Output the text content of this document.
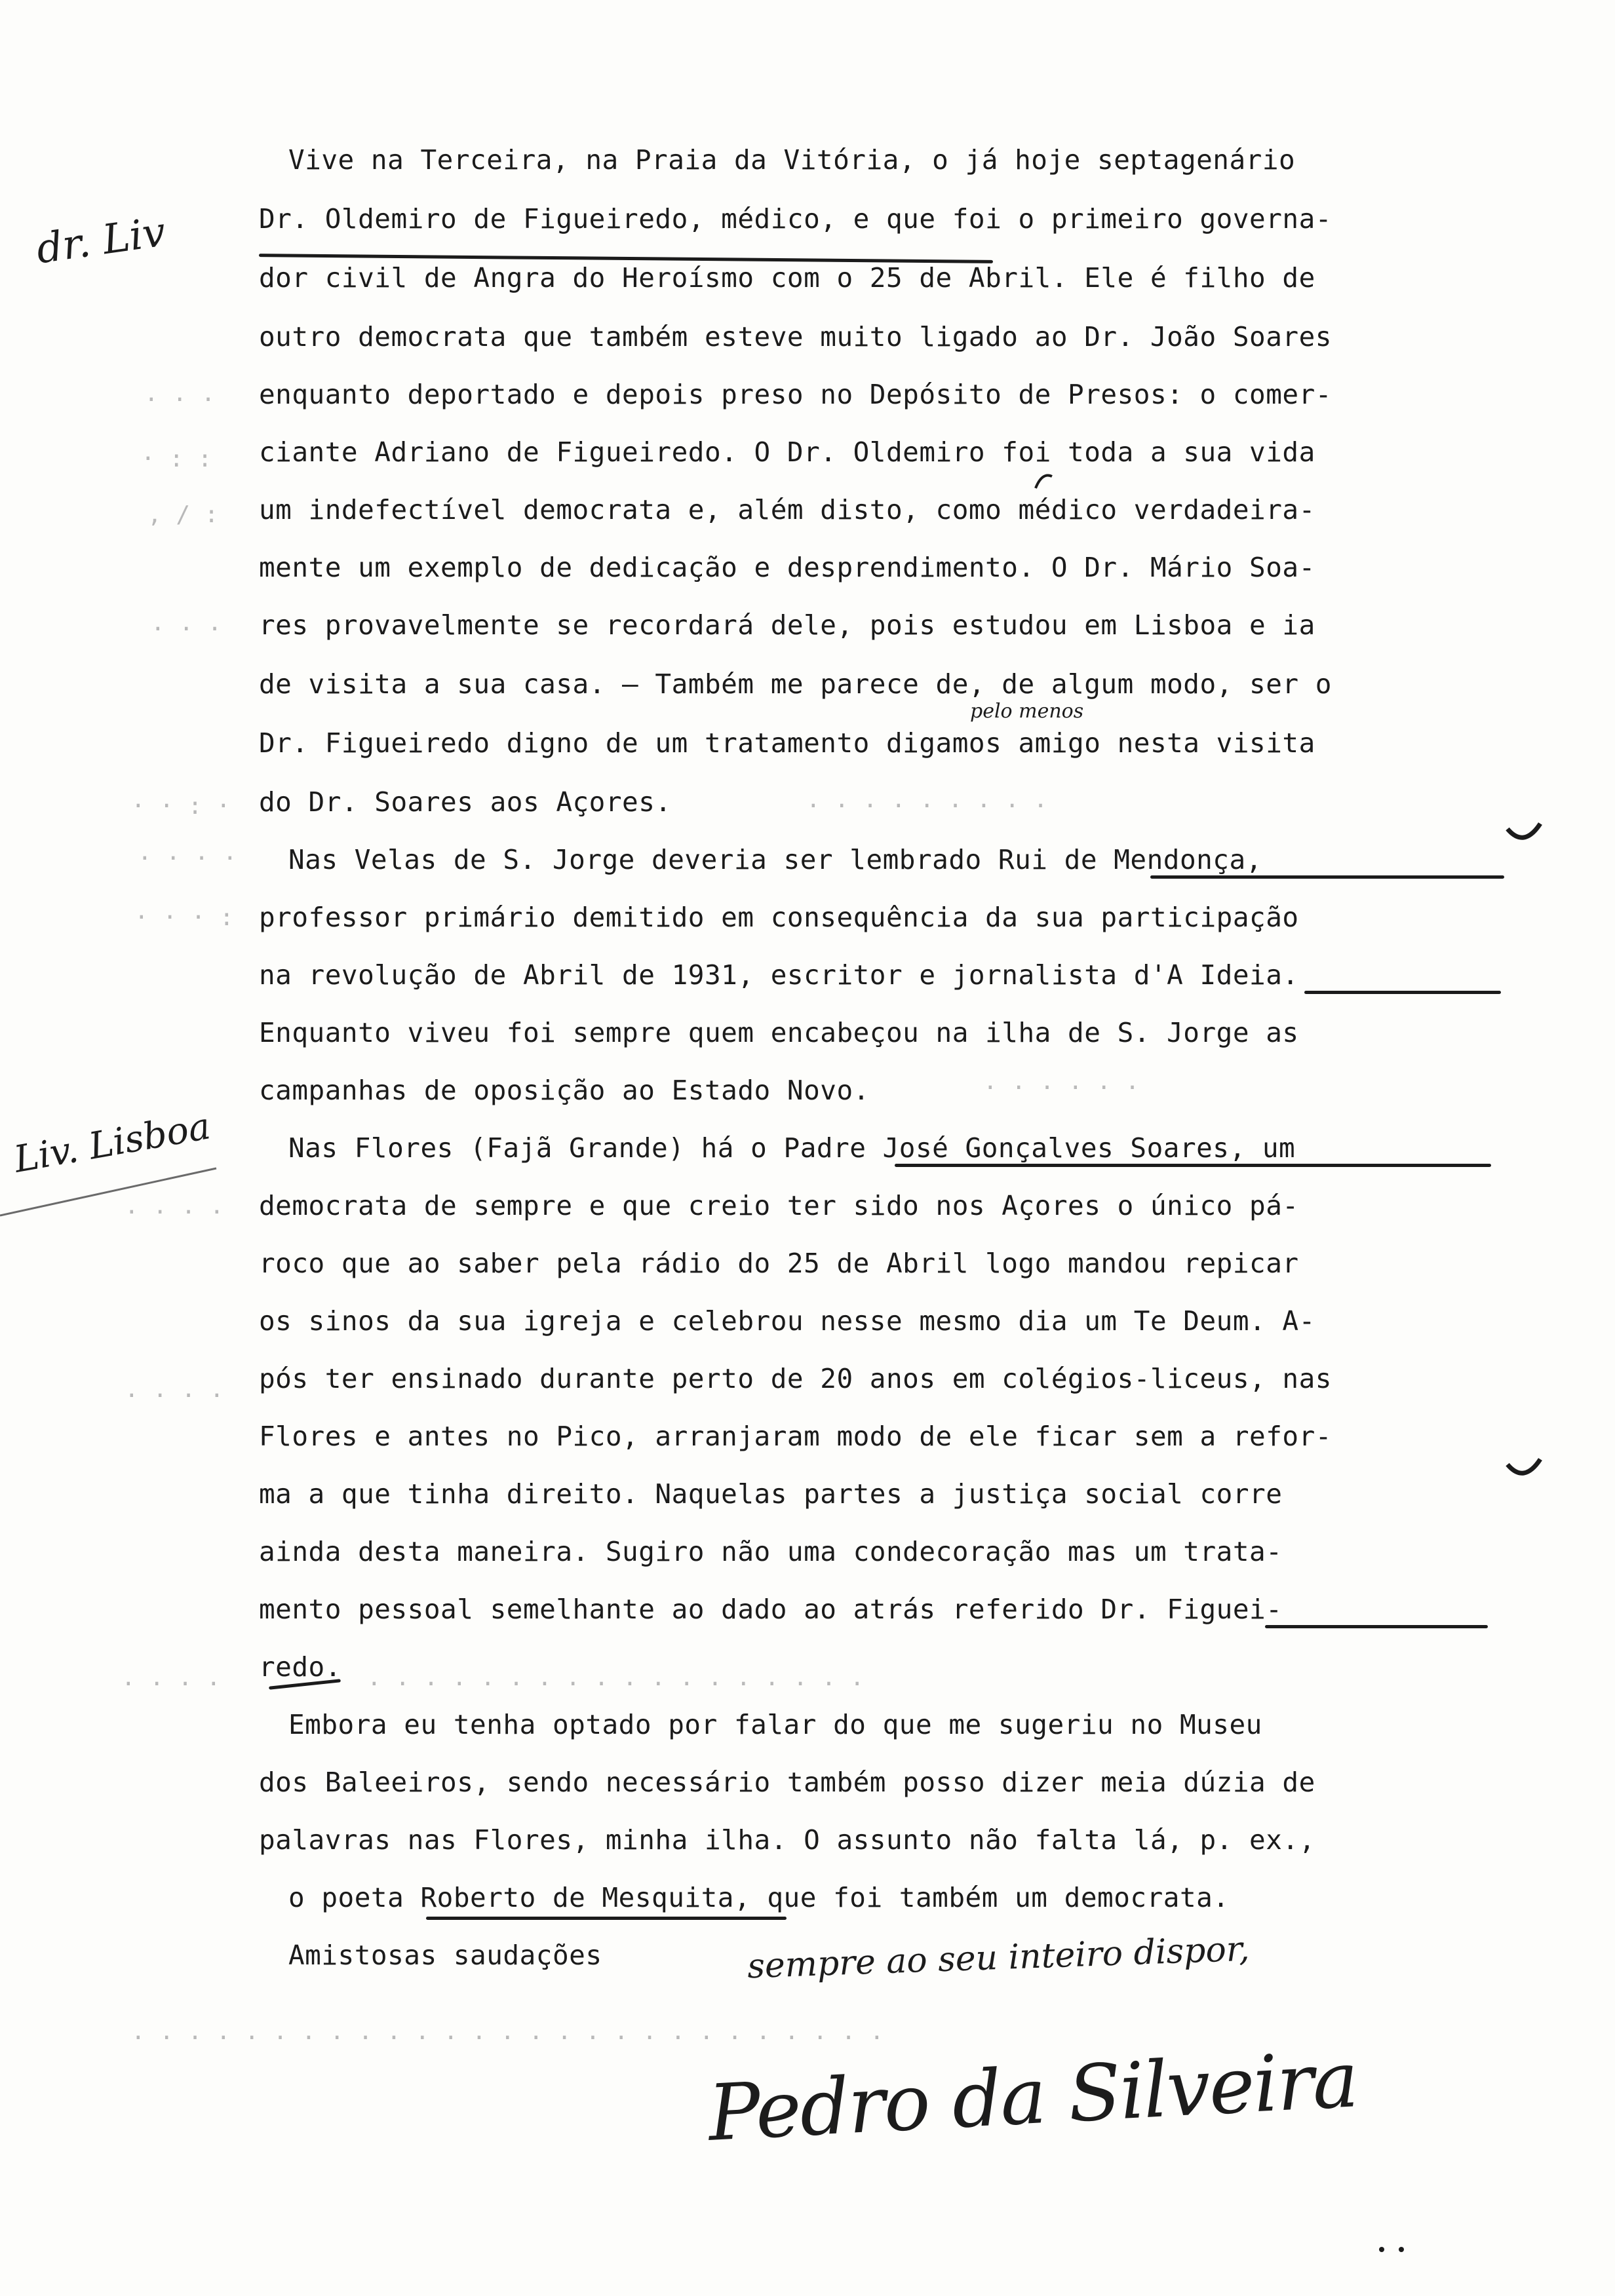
· · ·
· : :
, / :
· · ·
· · : ·	· · · · · · · · ·
· · · ·
· · · :
· · · · · ·
· · · ·
· · · ·
· · · ·	· · · · · · · · · · · · · · · · · ·
· · · · · · · · · · · · · · · · · · · · · · · · · · ·

Vive na Terceira, na Praia da Vitória, o já hoje septagenário

Dr. Oldemiro de Figueiredo, médico, e que foi o primeiro governa-

dor civil de Angra do Heroísmo com o 25 de Abril. Ele é filho de

outro democrata que também esteve muito ligado ao Dr. João Soares

enquanto deportado e depois preso no Depósito de Presos: o comer-

ciante Adriano de Figueiredo. O Dr. Oldemiro foi toda a sua vida

um indefectível democrata e, além disto, como médico verdadeira-

mente um exemplo de dedicação e desprendimento. O Dr. Mário Soa-

res provavelmente se recordará dele, pois estudou em Lisboa e ia

de visita a sua casa. — Também me parece de, de algum modo, ser o

Dr. Figueiredo digno de um tratamento digamos amigo nesta visita

do Dr. Soares aos Açores.

Nas Velas de S. Jorge deveria ser lembrado Rui de Mendonça,

professor primário demitido em consequência da sua participação

na revolução de Abril de 1931, escritor e jornalista d'A Ideia.

Enquanto viveu foi sempre quem encabeçou na ilha de S. Jorge as

campanhas de oposição ao Estado Novo.

Nas Flores (Fajã Grande) há o Padre José Gonçalves Soares, um

democrata de sempre e que creio ter sido nos Açores o único pá-

roco que ao saber pela rádio do 25 de Abril logo mandou repicar

os sinos da sua igreja e celebrou nesse mesmo dia um Te Deum. A-

pós ter ensinado durante perto de 20 anos em colégios-liceus, nas

Flores e antes no Pico, arranjaram modo de ele ficar sem a refor-

ma a que tinha direito. Naquelas partes a justiça social corre

ainda desta maneira. Sugiro não uma condecoração mas um trata-

mento pessoal semelhante ao dado ao atrás referido Dr. Figuei-

redo.

Embora eu tenha optado por falar do que me sugeriu no Museu

dos Baleeiros, sendo necessário também posso dizer meia dúzia de

palavras nas Flores, minha ilha. O assunto não falta lá, p. ex.,

o poeta Roberto de Mesquita, que foi também um democrata.

Amistosas saudações

dr. Liv
pelo menos
Liv. Lisboa
sempre ao seu inteiro dispor,
Pedro da Silveira
